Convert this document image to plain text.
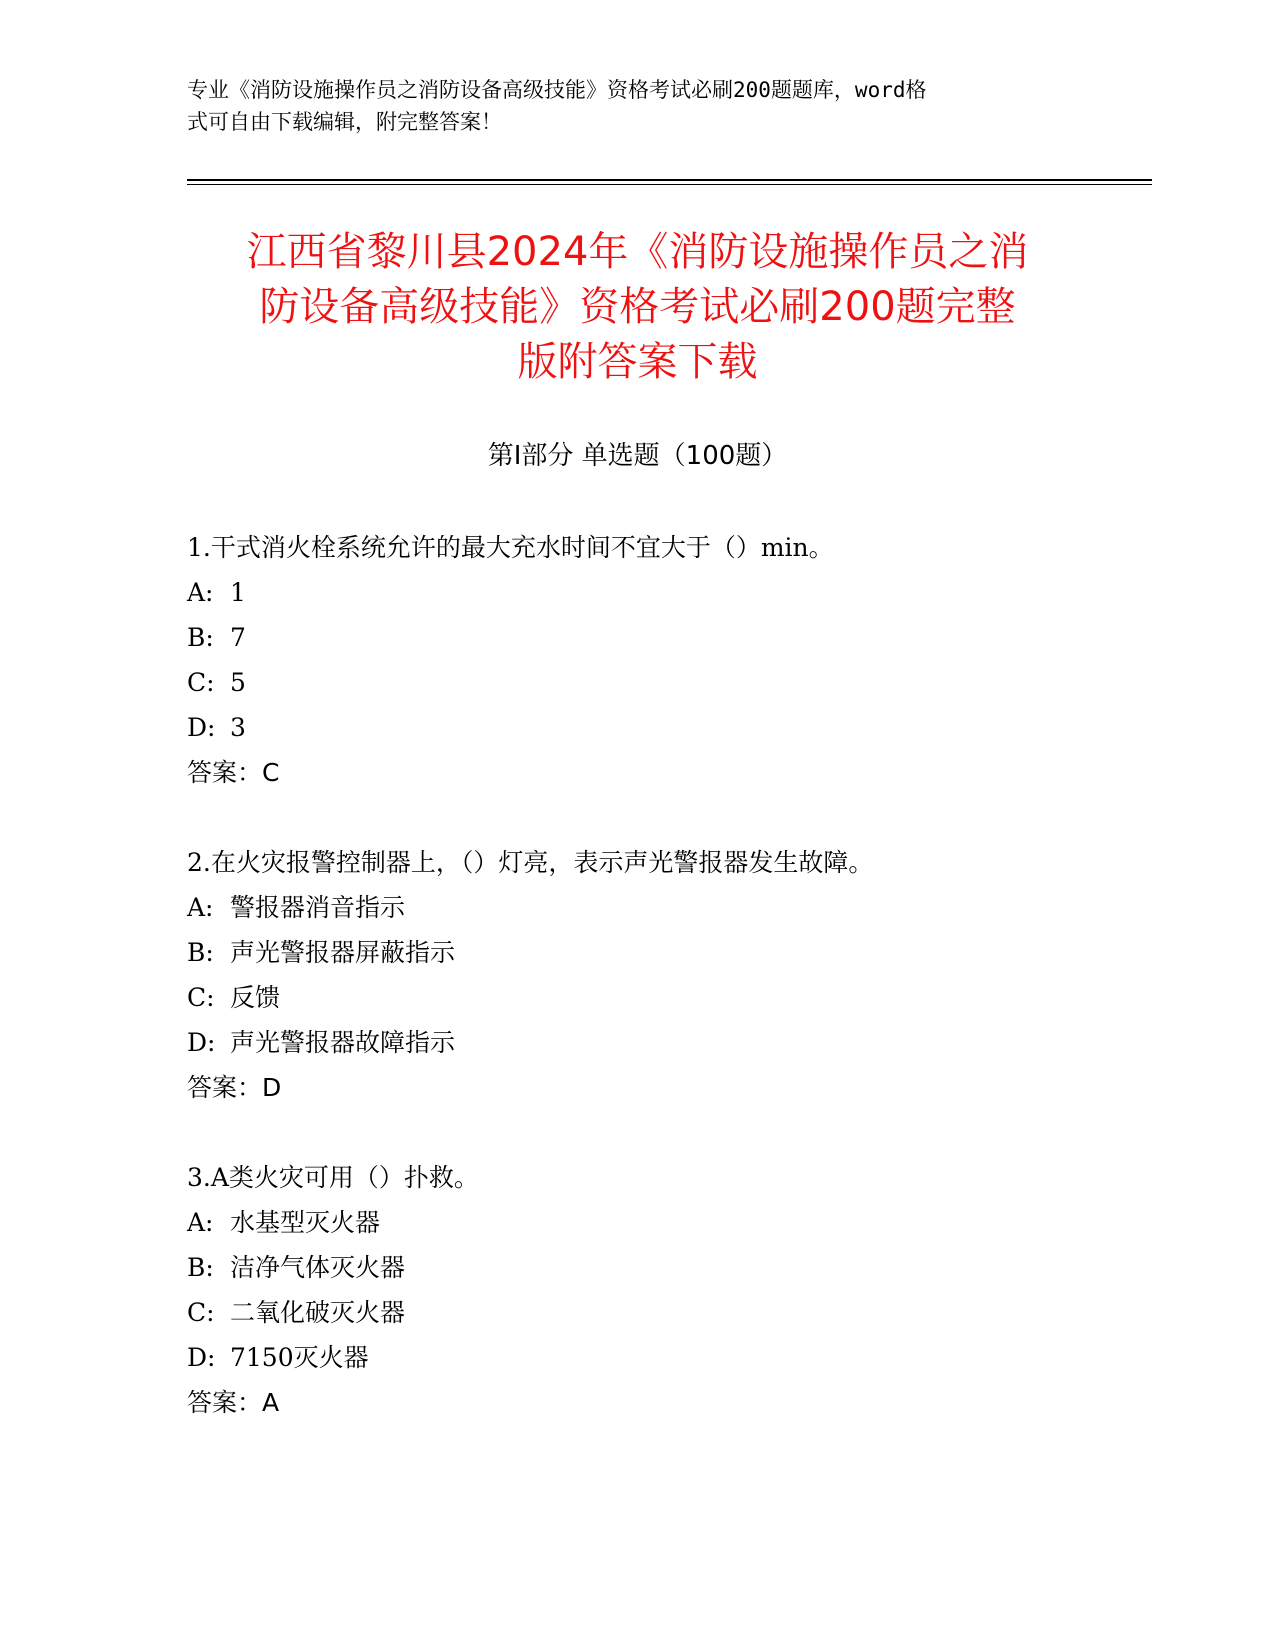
专业《消防设施操作员之消防设备高级技能》资格考试必刷200题题库，word格
式可自由下载编辑，附完整答案！
江西省黎川县2024年《消防设施操作员之消
防设备高级技能》资格考试必刷200题完整
版附答案下载
第Ⅰ部分 单选题（100题）
1.干式消火栓系统允许的最大充水时间不宜大于（）min。
A: 1
B: 7
C: 5
D: 3
答案：C
2.在火灾报警控制器上，（）灯亮，表示声光警报器发生故障。
A: 警报器消音指示
B: 声光警报器屏蔽指示
C: 反馈
D: 声光警报器故障指示
答案：D
3.A类火灾可用（）扑救。
A: 水基型灭火器
B: 洁净气体灭火器
C: 二氧化破灭火器
D: 7150灭火器
答案：A
